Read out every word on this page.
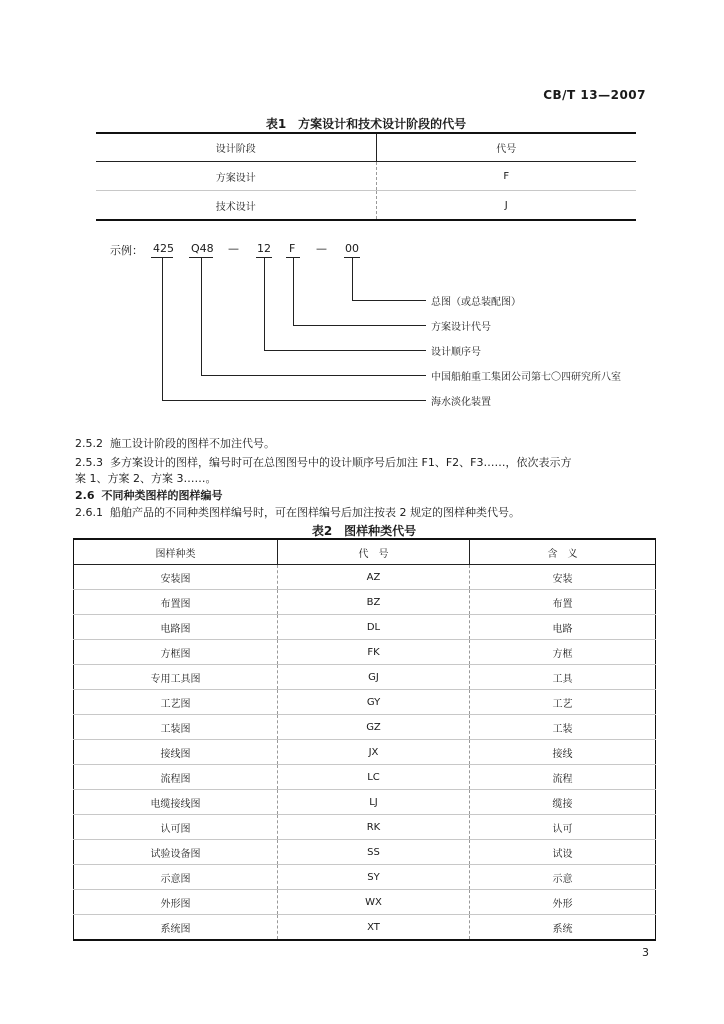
CB/T 13—2007
表1　方案设计和技术设计阶段的代号
设计阶段	代号
方案设计	F
技术设计	J
示例： 425 Q48 — 12 F — 00
总图（或总装配图）
方案设计代号
设计顺序号
中国船舶重工集团公司第七〇四研究所八室
海水淡化装置
2.5.2 施工设计阶段的图样不加注代号。
2.5.3 多方案设计的图样，编号时可在总图图号中的设计顺序号后加注 F1、F2、F3……，依次表示方
案 1、方案 2、方案 3……。
2.6 不同种类图样的图样编号
2.6.1 船舶产品的不同种类图样编号时，可在图样编号后加注按表 2 规定的图样种类代号。
表2　图样种类代号
图样种类	代　号	含　义
安装图	AZ	安装
布置图	BZ	布置
电路图	DL	电路
方框图	FK	方框
专用工具图	GJ	工具
工艺图	GY	工艺
工装图	GZ	工装
接线图	JX	接线
流程图	LC	流程
电缆接线图	LJ	缆接
认可图	RK	认可
试验设备图	SS	试设
示意图	SY	示意
外形图	WX	外形
系统图	XT	系统
3
